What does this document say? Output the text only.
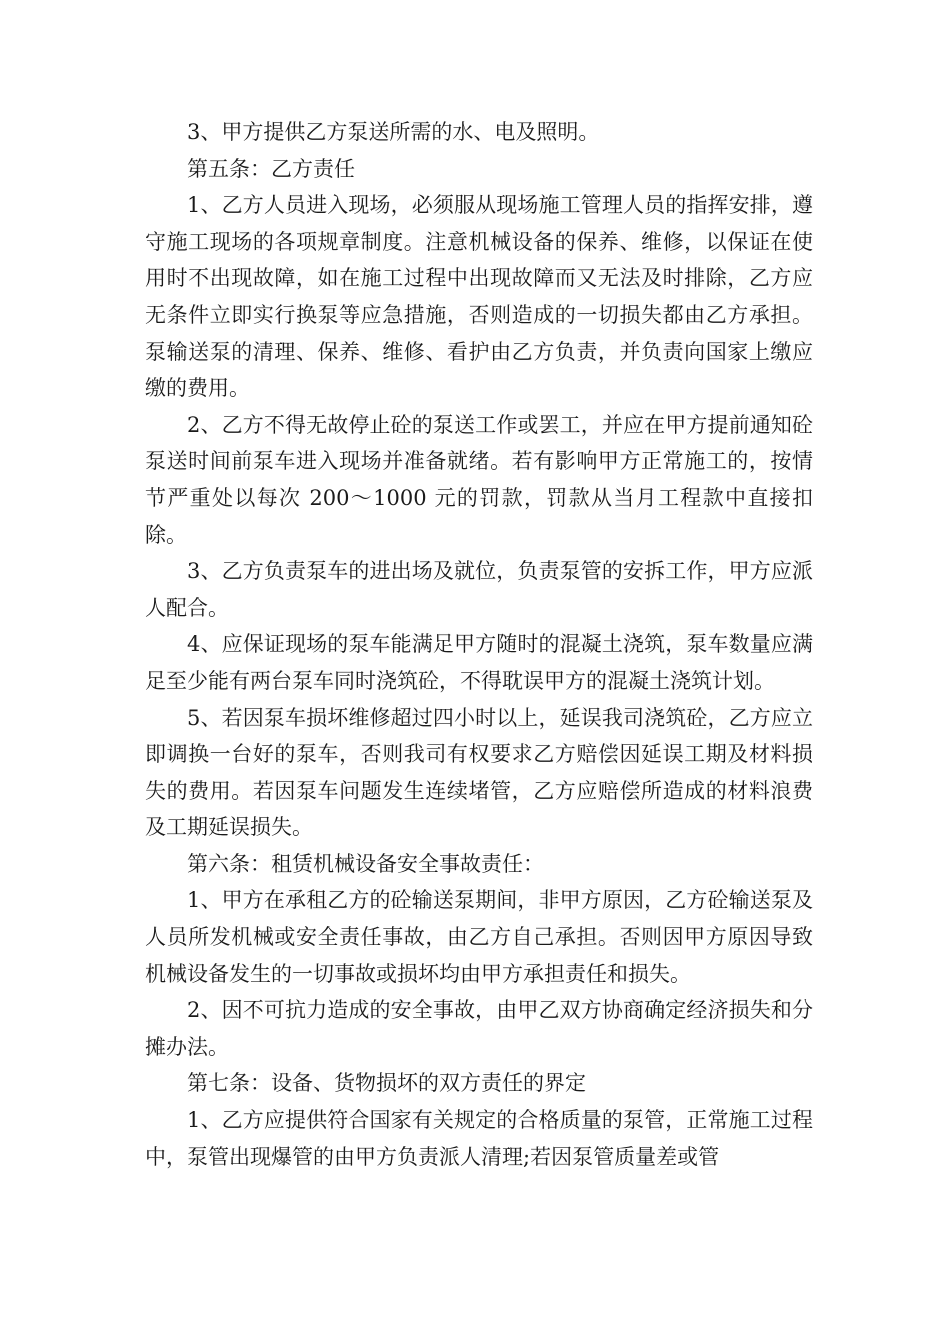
3、甲方提供乙方泵送所需的水、电及照明。

第五条：乙方责任

1、乙方人员进入现场，必须服从现场施工管理人员的指挥安排，遵守施工现场的各项规章制度。注意机械设备的保养、维修，以保证在使用时不出现故障，如在施工过程中出现故障而又无法及时排除，乙方应无条件立即实行换泵等应急措施，否则造成的一切损失都由乙方承担。泵输送泵的清理、保养、维修、看护由乙方负责，并负责向国家上缴应缴的费用。

2、乙方不得无故停止砼的泵送工作或罢工，并应在甲方提前通知砼泵送时间前泵车进入现场并准备就绪。若有影响甲方正常施工的，按情节严重处以每次 200～1000 元的罚款，罚款从当月工程款中直接扣除。

3、乙方负责泵车的进出场及就位，负责泵管的安拆工作，甲方应派人配合。

4、应保证现场的泵车能满足甲方随时的混凝土浇筑，泵车数量应满足至少能有两台泵车同时浇筑砼，不得耽误甲方的混凝土浇筑计划。

5、若因泵车损坏维修超过四小时以上，延误我司浇筑砼，乙方应立即调换一台好的泵车，否则我司有权要求乙方赔偿因延误工期及材料损失的费用。若因泵车问题发生连续堵管，乙方应赔偿所造成的材料浪费及工期延误损失。

第六条：租赁机械设备安全事故责任：

1、甲方在承租乙方的砼输送泵期间，非甲方原因，乙方砼输送泵及人员所发机械或安全责任事故，由乙方自己承担。否则因甲方原因导致机械设备发生的一切事故或损坏均由甲方承担责任和损失。

2、因不可抗力造成的安全事故，由甲乙双方协商确定经济损失和分摊办法。

第七条：设备、货物损坏的双方责任的界定

1、乙方应提供符合国家有关规定的合格质量的泵管，正常施工过程中，泵管出现爆管的由甲方负责派人清理;若因泵管质量差或管
